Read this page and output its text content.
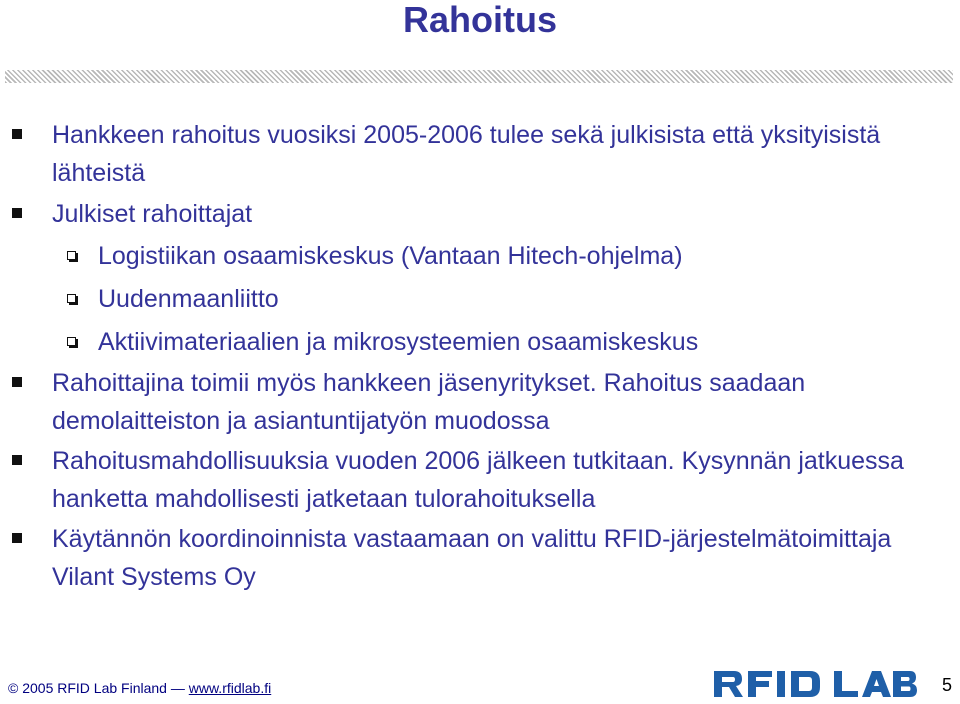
Rahoitus
Hankkeen rahoitus vuosiksi 2005-2006 tulee sekä julkisista että yksityisistä lähteistä
Julkiset rahoittajat
Logistiikan osaamiskeskus (Vantaan Hitech-ohjelma)
Uudenmaanliitto
Aktiivimateriaalien ja mikrosysteemien osaamiskeskus
Rahoittajina toimii myös hankkeen jäsenyritykset. Rahoitus saadaan demolaitteiston ja asiantuntijatyön muodossa
Rahoitusmahdollisuuksia vuoden 2006 jälkeen tutkitaan. Kysynnän jatkuessa hanketta mahdollisesti jatketaan tulorahoituksella
Käytännön koordinoinnista vastaamaan on valittu RFID-järjestelmätoimittaja Vilant Systems Oy
© 2005 RFID Lab Finland — www.rfidlab.fi	5
